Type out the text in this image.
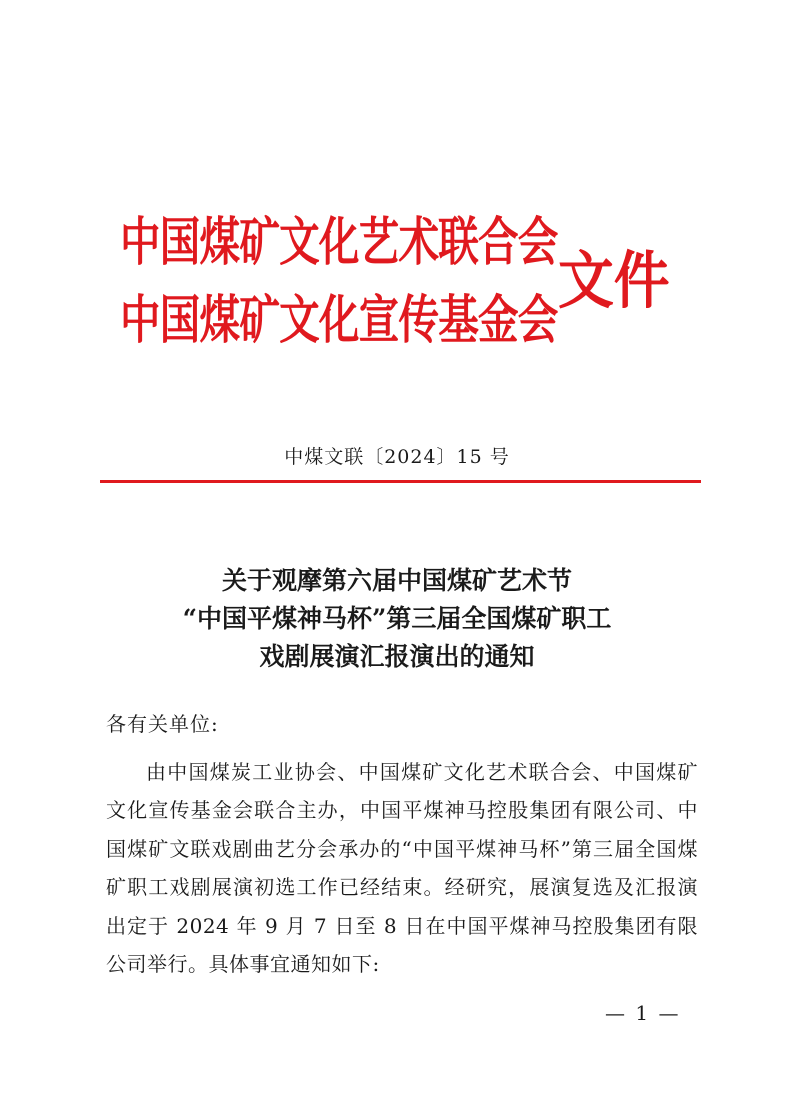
中国煤矿文化艺术联合会
中国煤矿文化宣传基金会
文件
中煤文联〔2024〕15 号
关于观摩第六届中国煤矿艺术节
“中国平煤神马杯”第三届全国煤矿职工
戏剧展演汇报演出的通知
各有关单位:
由中国煤炭工业协会、中国煤矿文化艺术联合会、中国煤矿文化宣传基金会联合主办，中国平煤神马控股集团有限公司、中国煤矿文联戏剧曲艺分会承办的“中国平煤神马杯”第三届全国煤矿职工戏剧展演初选工作已经结束。经研究，展演复选及汇报演出定于 2024 年 9 月 7 日至 8 日在中国平煤神马控股集团有限公司举行。具体事宜通知如下:
— 1 —
